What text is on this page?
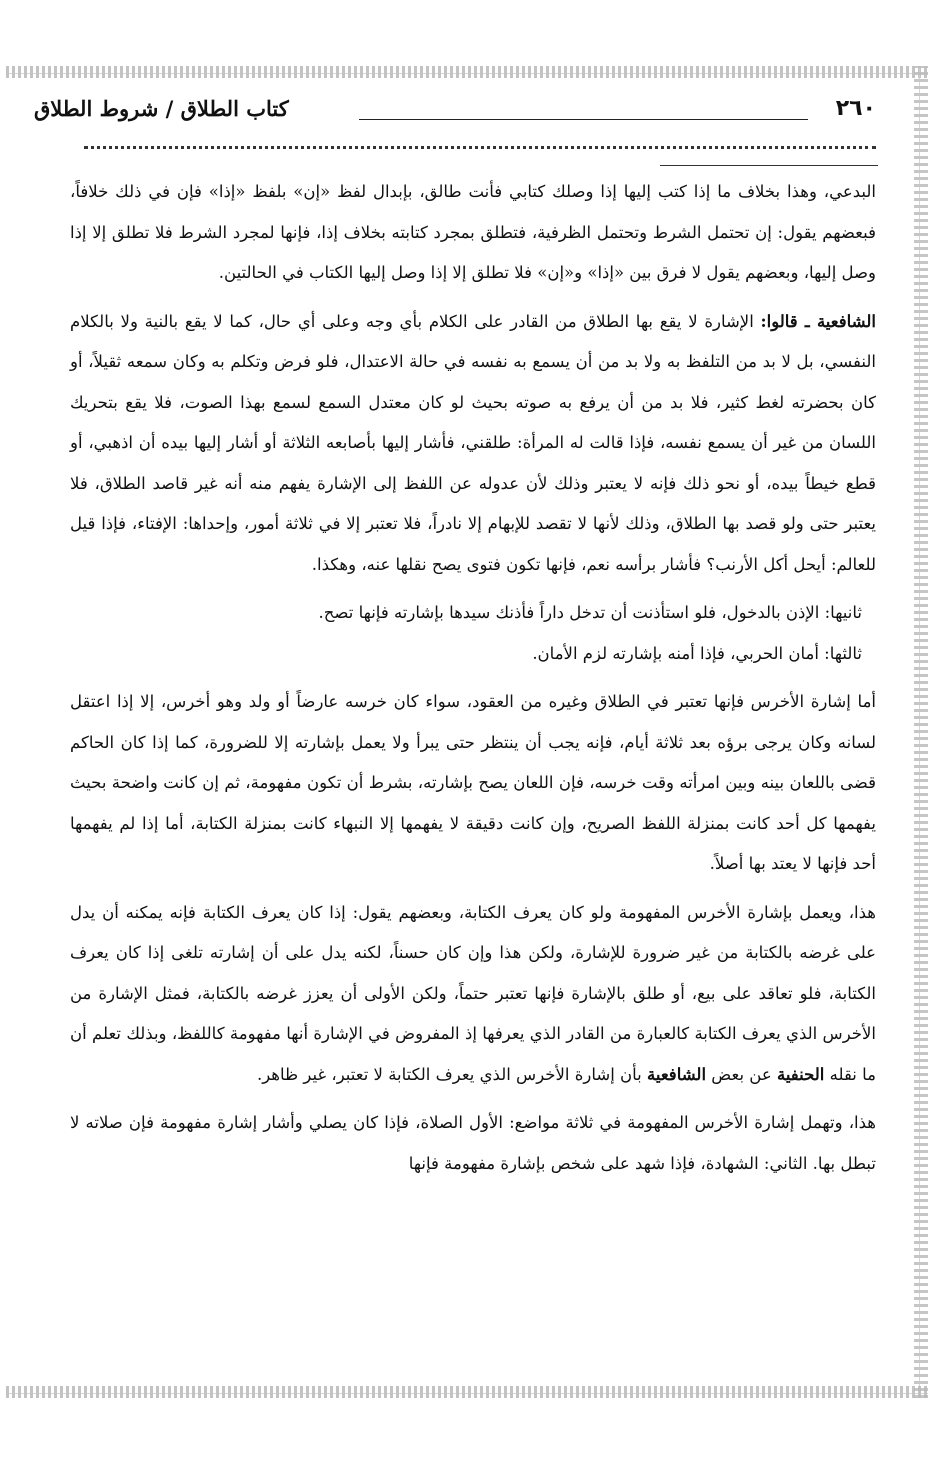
٢٦٠
كتاب الطلاق / شروط الطلاق

البدعي، وهذا بخلاف ما إذا كتب إليها إذا وصلك كتابي فأنت طالق، بإبدال لفظ «إن» بلفظ «إذا» فإن في ذلك خلافاً، فبعضهم يقول: إن تحتمل الشرط وتحتمل الظرفية، فتطلق بمجرد كتابته بخلاف إذا، فإنها لمجرد الشرط فلا تطلق إلا إذا وصل إليها، وبعضهم يقول لا فرق بين «إذا» و«إن» فلا تطلق إلا إذا وصل إليها الكتاب في الحالتين.

الشافعية ـ قالوا: الإشارة لا يقع بها الطلاق من القادر على الكلام بأي وجه وعلى أي حال، كما لا يقع بالنية ولا بالكلام النفسي، بل لا بد من التلفظ به ولا بد من أن يسمع به نفسه في حالة الاعتدال، فلو فرض وتكلم به وكان سمعه ثقيلاً، أو كان بحضرته لغط كثير، فلا بد من أن يرفع به صوته بحيث لو كان معتدل السمع لسمع بهذا الصوت، فلا يقع بتحريك اللسان من غير أن يسمع نفسه، فإذا قالت له المرأة: طلقني، فأشار إليها بأصابعه الثلاثة أو أشار إليها بيده أن اذهبي، أو قطع خيطاً بيده، أو نحو ذلك فإنه لا يعتبر وذلك لأن عدوله عن اللفظ إلى الإشارة يفهم منه أنه غير قاصد الطلاق، فلا يعتبر حتى ولو قصد بها الطلاق، وذلك لأنها لا تقصد للإبهام إلا نادراً، فلا تعتبر إلا في ثلاثة أمور، وإحداها: الإفتاء، فإذا قيل للعالم: أيحل أكل الأرنب؟ فأشار برأسه نعم، فإنها تكون فتوى يصح نقلها عنه، وهكذا.

ثانيها: الإذن بالدخول، فلو استأذنت أن تدخل داراً فأذنك سيدها بإشارته فإنها تصح.

ثالثها: أمان الحربي، فإذا أمنه بإشارته لزم الأمان.

أما إشارة الأخرس فإنها تعتبر في الطلاق وغيره من العقود، سواء كان خرسه عارضاً أو ولد وهو أخرس، إلا إذا اعتقل لسانه وكان يرجى برؤه بعد ثلاثة أيام، فإنه يجب أن ينتظر حتى يبرأ ولا يعمل بإشارته إلا للضرورة، كما إذا كان الحاكم قضى باللعان بينه وبين امرأته وقت خرسه، فإن اللعان يصح بإشارته، بشرط أن تكون مفهومة، ثم إن كانت واضحة بحيث يفهمها كل أحد كانت بمنزلة اللفظ الصريح، وإن كانت دقيقة لا يفهمها إلا النبهاء كانت بمنزلة الكتابة، أما إذا لم يفهمها أحد فإنها لا يعتد بها أصلاً.

هذا، ويعمل بإشارة الأخرس المفهومة ولو كان يعرف الكتابة، وبعضهم يقول: إذا كان يعرف الكتابة فإنه يمكنه أن يدل على غرضه بالكتابة من غير ضرورة للإشارة، ولكن هذا وإن كان حسناً، لكنه يدل على أن إشارته تلغى إذا كان يعرف الكتابة، فلو تعاقد على بيع، أو طلق بالإشارة فإنها تعتبر حتماً، ولكن الأولى أن يعزز غرضه بالكتابة، فمثل الإشارة من الأخرس الذي يعرف الكتابة كالعبارة من القادر الذي يعرفها إذ المفروض في الإشارة أنها مفهومة كاللفظ، وبذلك تعلم أن ما نقله الحنفية عن بعض الشافعية بأن إشارة الأخرس الذي يعرف الكتابة لا تعتبر، غير ظاهر.

هذا، وتهمل إشارة الأخرس المفهومة في ثلاثة مواضع: الأول الصلاة، فإذا كان يصلي وأشار إشارة مفهومة فإن صلاته لا تبطل بها. الثاني: الشهادة، فإذا شهد على شخص بإشارة مفهومة فإنها
